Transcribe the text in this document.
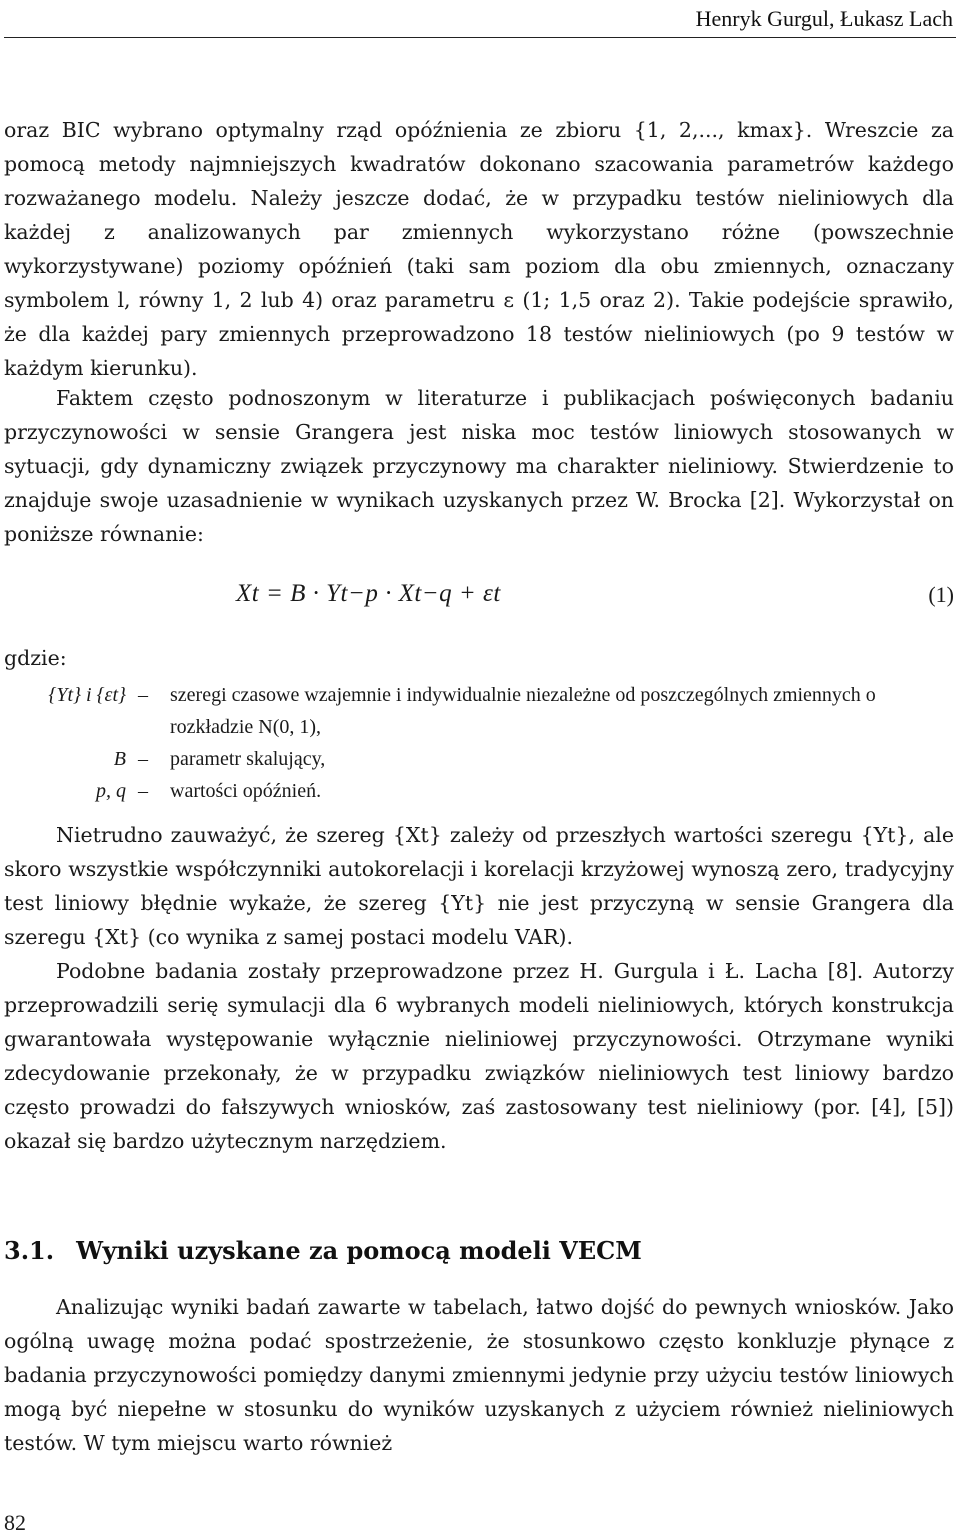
Henryk Gurgul, Łukasz Lach

oraz BIC wybrano optymalny rząd opóźnienia ze zbioru {1, 2,..., kmax}. Wreszcie za pomocą metody najmniejszych kwadratów dokonano szacowania parametrów każdego rozważanego modelu. Należy jeszcze dodać, że w przypadku testów nieliniowych dla każdej z analizowanych par zmiennych wykorzystano różne (powszechnie wykorzystywane) poziomy opóźnień (taki sam poziom dla obu zmiennych, oznaczany symbolem l, równy 1, 2 lub 4) oraz parametru ε (1; 1,5 oraz 2). Takie podejście sprawiło, że dla każdej pary zmiennych przeprowadzono 18 testów nieliniowych (po 9 testów w każdym kierunku).

Faktem często podnoszonym w literaturze i publikacjach poświęconych badaniu przyczynowości w sensie Grangera jest niska moc testów liniowych stosowanych w sytuacji, gdy dynamiczny związek przyczynowy ma charakter nieliniowy. Stwierdzenie to znajduje swoje uzasadnienie w wynikach uzyskanych przez W. Brocka [2]. Wykorzystał on poniższe równanie:

Xt = B · Yt−p · Xt−q + εt	(1)
gdzie:
{Yt} i {εt} –	szeregi czasowe wzajemnie i indywidualnie niezależne od poszczególnych zmiennych o rozkładzie N(0, 1),
B –	parametr skalujący,
p, q –	wartości opóźnień.

Nietrudno zauważyć, że szereg {Xt} zależy od przeszłych wartości szeregu {Yt}, ale skoro wszystkie współczynniki autokorelacji i korelacji krzyżowej wynoszą zero, tradycyjny test liniowy błędnie wykaże, że szereg {Yt} nie jest przyczyną w sensie Grangera dla szeregu {Xt} (co wynika z samej postaci modelu VAR).

Podobne badania zostały przeprowadzone przez H. Gurgula i Ł. Lacha [8]. Autorzy przeprowadzili serię symulacji dla 6 wybranych modeli nieliniowych, których konstrukcja gwarantowała występowanie wyłącznie nieliniowej przyczynowości. Otrzymane wyniki zdecydowanie przekonały, że w przypadku związków nieliniowych test liniowy bardzo często prowadzi do fałszywych wniosków, zaś zastosowany test nieliniowy (por. [4], [5]) okazał się bardzo użytecznym narzędziem.

3.1. Wyniki uzyskane za pomocą modeli VECM

Analizując wyniki badań zawarte w tabelach, łatwo dojść do pewnych wniosków. Jako ogólną uwagę można podać spostrzeżenie, że stosunkowo często konkluzje płynące z badania przyczynowości pomiędzy danymi zmiennymi jedynie przy użyciu testów liniowych mogą być niepełne w stosunku do wyników uzyskanych z użyciem również nieliniowych testów. W tym miejscu warto również

82
